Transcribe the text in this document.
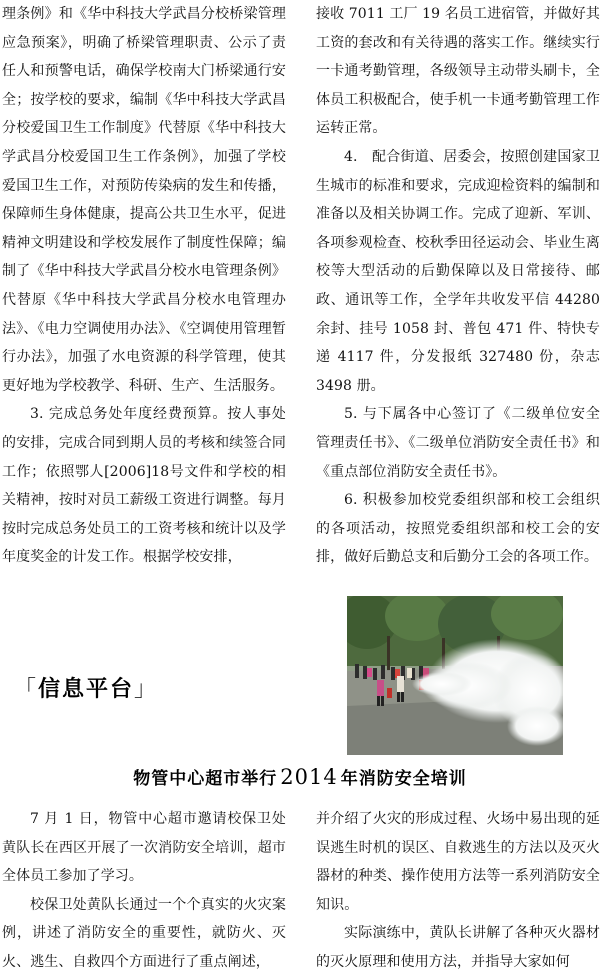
理条例》和《华中科技大学武昌分校桥梁管理应急预案》，明确了桥梁管理职责、公示了责任人和预警电话，确保学校南大门桥梁通行安全；按学校的要求，编制《华中科技大学武昌分校爱国卫生工作制度》代替原《华中科技大学武昌分校爱国卫生工作条例》，加强了学校爱国卫生工作，对预防传染病的发生和传播，保障师生身体健康，提高公共卫生水平，促进精神文明建设和学校发展作了制度性保障；编制了《华中科技大学武昌分校水电管理条例》代替原《华中科技大学武昌分校水电管理办法》、《电力空调使用办法》、《空调使用管理暂行办法》，加强了水电资源的科学管理，使其更好地为学校教学、科研、生产、生活服务。

3. 完成总务处年度经费预算。按人事处的安排，完成合同到期人员的考核和续签合同工作；依照鄂人[2006]18号文件和学校的相关精神，按时对员工薪级工资进行调整。每月按时完成总务处员工的工资考核和统计以及学年度奖金的计发工作。根据学校安排，

接收 7011 工厂 19 名员工进宿管，并做好其工资的套改和有关待遇的落实工作。继续实行一卡通考勤管理，各级领导主动带头刷卡，全体员工积极配合，使手机一卡通考勤管理工作运转正常。

4.　配合街道、居委会，按照创建国家卫生城市的标准和要求，完成迎检资料的编制和准备以及相关协调工作。完成了迎新、军训、各项参观检查、校秋季田径运动会、毕业生离校等大型活动的后勤保障以及日常接待、邮政、通讯等工作，全学年共收发平信 44280 余封、挂号 1058 封、普包 471 件、特快专递 4117 件，分发报纸 327480 份，杂志 3498 册。

5. 与下属各中心签订了《二级单位安全管理责任书》、《二级单位消防安全责任书》和《重点部位消防安全责任书》。

6. 积极参加校党委组织部和校工会组织的各项活动，按照党委组织部和校工会的安排，做好后勤总支和后勤分工会的各项工作。

「信息平台」
物管中心超市举行 2014 年消防安全培训

7 月 1 日，物管中心超市邀请校保卫处黄队长在西区开展了一次消防安全培训，超市全体员工参加了学习。

校保卫处黄队长通过一个个真实的火灾案例，讲述了消防安全的重要性，就防火、灭火、逃生、自救四个方面进行了重点阐述，

并介绍了火灾的形成过程、火场中易出现的延误逃生时机的误区、自救逃生的方法以及灭火器材的种类、操作使用方法等一系列消防安全知识。

实际演练中，黄队长讲解了各种灭火器材的灭火原理和使用方法，并指导大家如何
